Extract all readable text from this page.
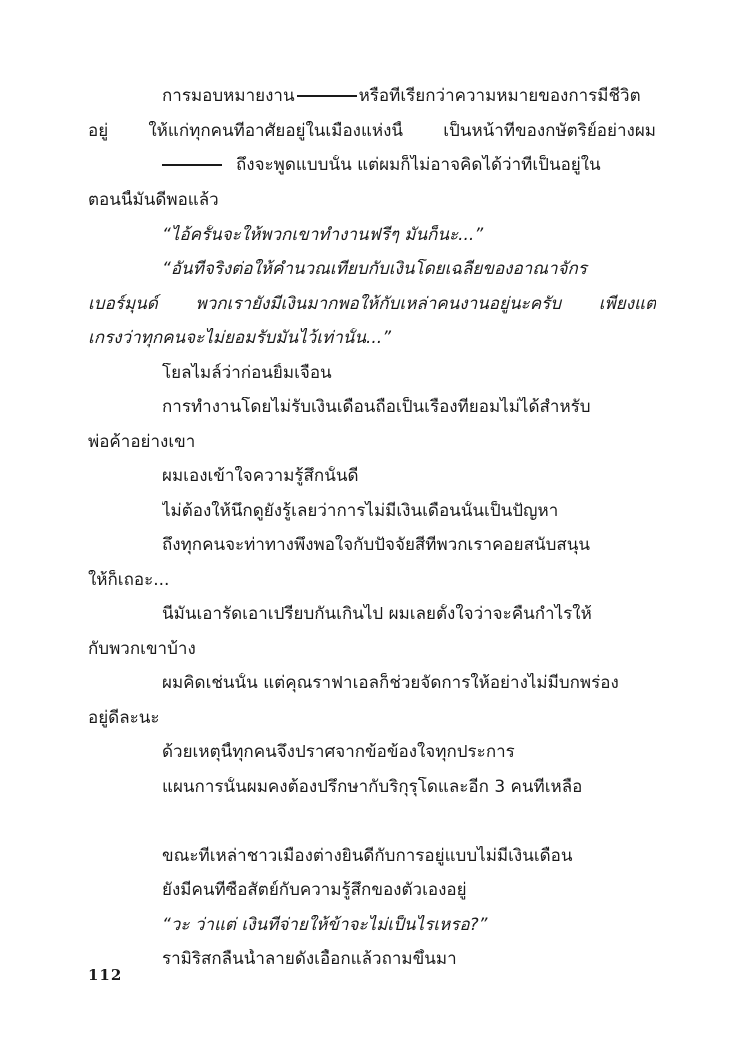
การมอบหมายงาน	หรือที่เรียกว่าความหมายของการมีชีวิต
อยู่ ให้แก่ทุกคนที่อาศัยอยู่ในเมืองแห่งนี้ เป็นหน้าที่ของกษัตริย์อย่างผม
ถึงจะพูดแบบนั้น แต่ผมก็ไม่อาจคิดได้ว่าที่เป็นอยู่ใน
ตอนนี้มันดีพอแล้ว
“ไอ้ครั้นจะให้พวกเขาทำงานฟรีๆ มันก็นะ...”
“อันที่จริงต่อให้คำนวณเทียบกับเงินโดยเฉลี่ยของอาณาจักร
เบอร์มุนด์ พวกเรายังมีเงินมากพอให้กับเหล่าคนงานอยู่นะครับ เพียงแต่
เกรงว่าทุกคนจะไม่ยอมรับมันไว้เท่านั้น...”
โยลไมล์ว่าก่อนยิ้มเจื่อน
การทำงานโดยไม่รับเงินเดือนถือเป็นเรื่องที่ยอมไม่ได้สำหรับ
พ่อค้าอย่างเขา
ผมเองเข้าใจความรู้สึกนั้นดี
ไม่ต้องให้นึกดูยังรู้เลยว่าการไม่มีเงินเดือนนั้นเป็นปัญหา
ถึงทุกคนจะท่าทางพึงพอใจกับปัจจัยสี่ที่พวกเราคอยสนับสนุน
ให้ก็เถอะ...
นี่มันเอารัดเอาเปรียบกันเกินไป ผมเลยตั้งใจว่าจะคืนกำไรให้
กับพวกเขาบ้าง
ผมคิดเช่นนั้น แต่คุณราฟาเอลก็ช่วยจัดการให้อย่างไม่มีบกพร่อง
อยู่ดีละนะ
ด้วยเหตุนี้ทุกคนจึงปราศจากข้อข้องใจทุกประการ
แผนการนั้นผมคงต้องปรึกษากับริกุรุโดและอีก 3 คนที่เหลือ
ขณะที่เหล่าชาวเมืองต่างยินดีกับการอยู่แบบไม่มีเงินเดือน
ยังมีคนที่ซื่อสัตย์กับความรู้สึกของตัวเองอยู่
“วะ ว่าแต่ เงินที่จ่ายให้ข้าจะไม่เป็นไรเหรอ?”
รามิริสกลืนน้ำลายดังเอื้อกแล้วถามขึ้นมา
112
